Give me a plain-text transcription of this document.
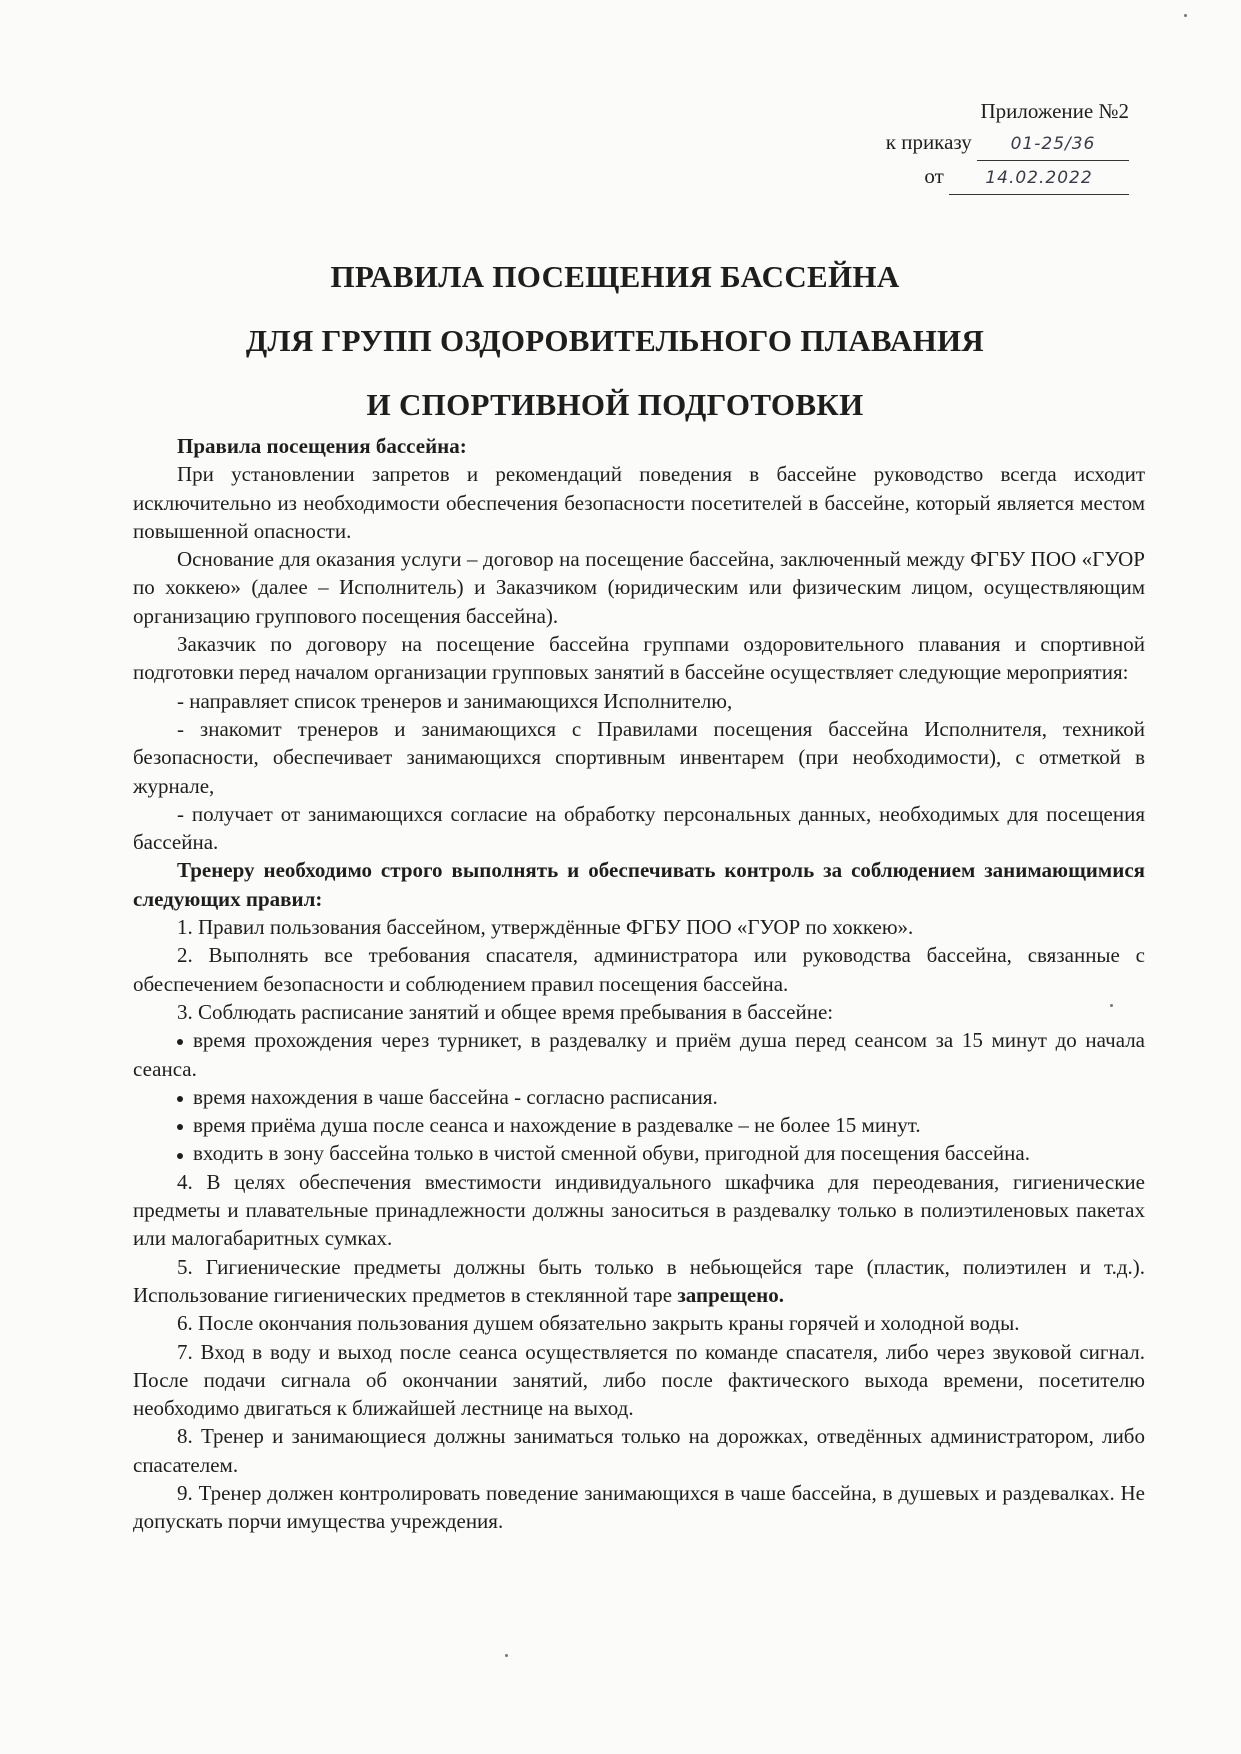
Приложение №2
к приказу 01-25/36
от 14.02.2022
ПРАВИЛА ПОСЕЩЕНИЯ БАССЕЙНА
ДЛЯ ГРУПП ОЗДОРОВИТЕЛЬНОГО ПЛАВАНИЯ
И СПОРТИВНОЙ ПОДГОТОВКИ

Правила посещения бассейна:

При установлении запретов и рекомендаций поведения в бассейне руководство всегда исходит исключительно из необходимости обеспечения безопасности посетителей в бассейне, который является местом повышенной опасности.

Основание для оказания услуги – договор на посещение бассейна, заключенный между ФГБУ ПОО «ГУОР по хоккею» (далее – Исполнитель) и Заказчиком (юридическим или физическим лицом, осуществляющим организацию группового посещения бассейна).

Заказчик по договору на посещение бассейна группами оздоровительного плавания и спортивной подготовки перед началом организации групповых занятий в бассейне осуществляет следующие мероприятия:

- направляет список тренеров и занимающихся Исполнителю,

- знакомит тренеров и занимающихся с Правилами посещения бассейна Исполнителя, техникой безопасности, обеспечивает занимающихся спортивным инвентарем (при необходимости), с отметкой в журнале,

- получает от занимающихся согласие на обработку персональных данных, необходимых для посещения бассейна.

Тренеру необходимо строго выполнять и обеспечивать контроль за соблюдением занимающимися следующих правил:

1. Правил пользования бассейном, утверждённые ФГБУ ПОО «ГУОР по хоккею».

2. Выполнять все требования спасателя, администратора или руководства бассейна, связанные с обеспечением безопасности и соблюдением правил посещения бассейна.

3. Соблюдать расписание занятий и общее время пребывания в бассейне:

время прохождения через турникет, в раздевалку и приём душа перед сеансом за 15 минут до начала сеанса.
время нахождения в чаше бассейна - согласно расписания.
время приёма душа после сеанса и нахождение в раздевалке – не более 15 минут.
входить в зону бассейна только в чистой сменной обуви, пригодной для посещения бассейна.

4. В целях обеспечения вместимости индивидуального шкафчика для переодевания, гигиенические предметы и плавательные принадлежности должны заноситься в раздевалку только в полиэтиленовых пакетах или малогабаритных сумках.

5. Гигиенические предметы должны быть только в небьющейся таре (пластик, полиэтилен и т.д.). Использование гигиенических предметов в стеклянной таре запрещено.

6. После окончания пользования душем обязательно закрыть краны горячей и холодной воды.

7. Вход в воду и выход после сеанса осуществляется по команде спасателя, либо через звуковой сигнал. После подачи сигнала об окончании занятий, либо после фактического выхода времени, посетителю необходимо двигаться к ближайшей лестнице на выход.

8. Тренер и занимающиеся должны заниматься только на дорожках, отведённых администратором, либо спасателем.

9. Тренер должен контролировать поведение занимающихся в чаше бассейна, в душевых и раздевалках. Не допускать порчи имущества учреждения.
